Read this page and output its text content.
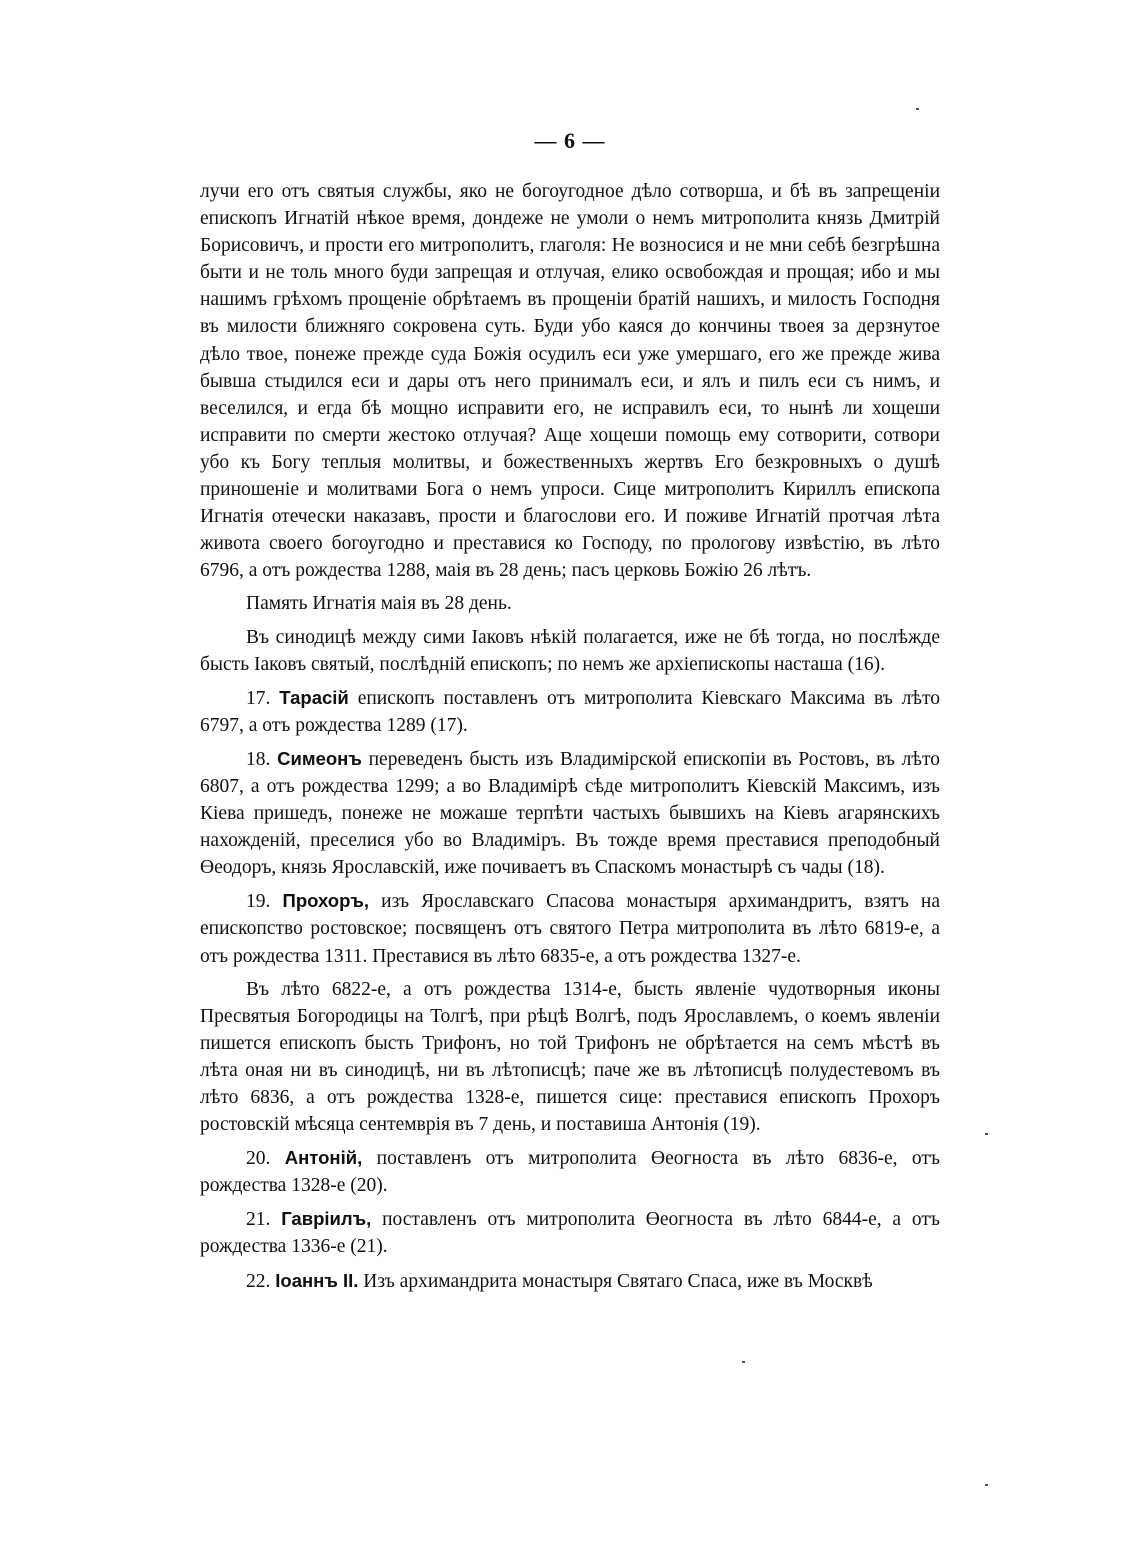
— 6 —

лучи его отъ святыя службы, яко не богоугодное дѣло сотворша, и бѣ въ запрещеніи епископъ Игнатій нѣкое время, дондеже не умоли о немъ митрополита князь Дмитрій Борисовичъ, и прости его митрополитъ, глаголя: Не возносися и не мни себѣ безгрѣшна быти и не толь много буди запрещая и отлучая, елико освобождая и прощая; ибо и мы нашимъ грѣхомъ прощеніе обрѣтаемъ въ прощеніи братій нашихъ, и милость Господня въ милости ближняго сокровена суть. Буди убо каяся до кончины твоея за дерзнутое дѣло твое, понеже прежде суда Божія осудилъ еси уже умершаго, его же прежде жива бывша стыдился еси и дары отъ него принималъ еси, и ялъ и пилъ еси съ нимъ, и веселился, и егда бѣ мощно исправити его, не исправилъ еси, то нынѣ ли хощеши исправити по смерти жестоко отлучая? Аще хощеши помощь ему сотворити, сотвори убо къ Богу теплыя молитвы, и божественныхъ жертвъ Его безкровныхъ о душѣ приношеніе и молитвами Бога о немъ упроси. Сице митрополитъ Кириллъ епископа Игнатія отечески наказавъ, прости и благослови его. И поживе Игнатій протчая лѣта живота своего богоугодно и преставися ко Господу, по прологову извѣстію, въ лѣто 6796, а отъ рождества 1288, маія въ 28 день; пасъ церковь Божію 26 лѣтъ.

Память Игнатія маія въ 28 день.

Въ синодицѣ между сими Іаковъ нѣкій полагается, иже не бѣ тогда, но послѣжде бысть Іаковъ святый, послѣдній епископъ; по немъ же архіепископы насташа (16).

17. Тарасій епископъ поставленъ отъ митрополита Кіевскаго Максима въ лѣто 6797, а отъ рождества 1289 (17).

18. Симеонъ переведенъ бысть изъ Владимірской епископіи въ Ростовъ, въ лѣто 6807, а отъ рождества 1299; а во Владимірѣ сѣде митрополитъ Кіевскій Максимъ, изъ Кіева пришедъ, понеже не можаше терпѣти частыхъ бывшихъ на Кіевъ агарянскихъ нахожденій, преселися убо во Владиміръ. Въ тожде время преставися преподобный Өеодоръ, князь Ярославскій, иже почиваетъ въ Спаскомъ монастырѣ съ чады (18).

19. Прохоръ, изъ Ярославскаго Спасова монастыря архимандритъ, взятъ на епископство ростовское; посвященъ отъ святого Петра митрополита въ лѣто 6819-е, а отъ рождества 1311. Преставися въ лѣто 6835-е, а отъ рождества 1327-е.

Въ лѣто 6822-е, а отъ рождества 1314-е, бысть явленіе чудотворныя иконы Пресвятыя Богородицы на Толгѣ, при рѣцѣ Волгѣ, подъ Ярославлемъ, о коемъ явленіи пишется епископъ бысть Трифонъ, но той Трифонъ не обрѣтается на семъ мѣстѣ въ лѣта оная ни въ синодицѣ, ни въ лѣтописцѣ; паче же въ лѣтописцѣ полудестевомъ въ лѣто 6836, а отъ рождества 1328-е, пишется сице: преставися епископъ Прохоръ ростовскій мѣсяца сентемврія въ 7 день, и поставиша Антонія (19).

20. Антоній, поставленъ отъ митрополита Өеогноста въ лѣто 6836-е, отъ рождества 1328-е (20).

21. Гавріилъ, поставленъ отъ митрополита Өеогноста въ лѣто 6844-е, а отъ рождества 1336-е (21).

22. Іоаннъ II. Изъ архимандрита монастыря Святаго Спаса, иже въ Москвѣ
